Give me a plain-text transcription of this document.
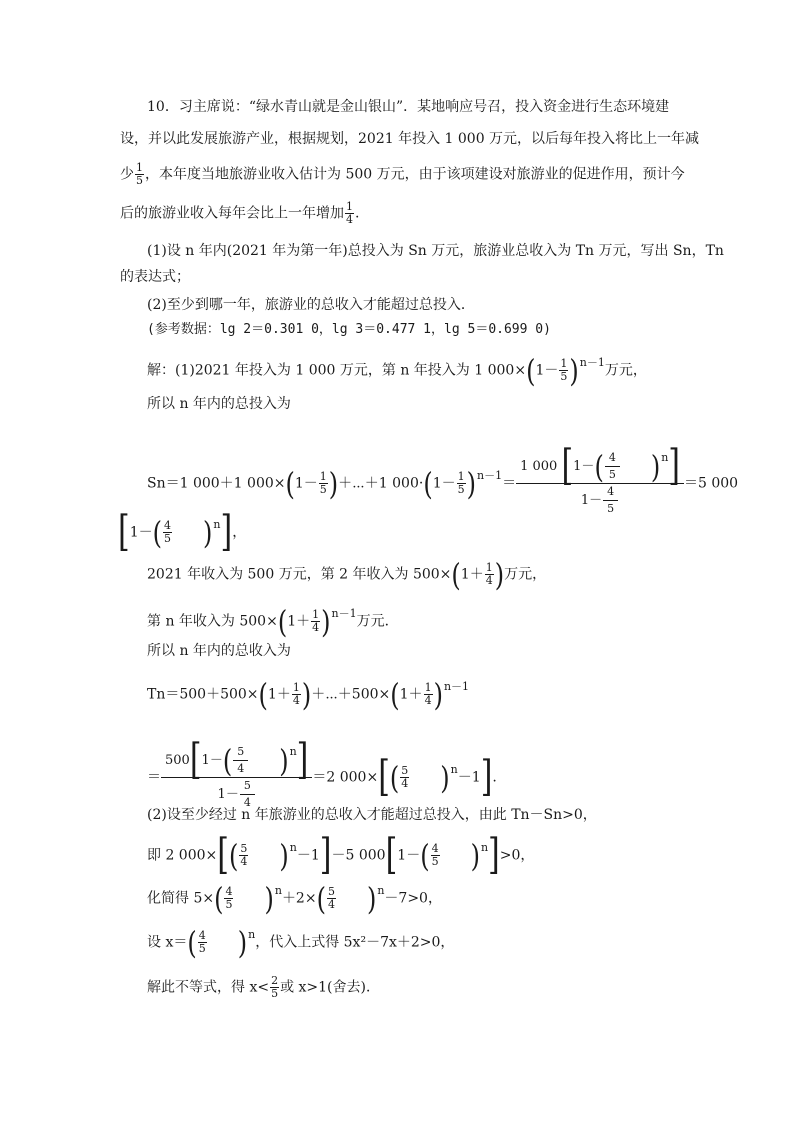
10．习主席说：“绿水青山就是金山银山”．某地响应号召，投入资金进行生态环境建
设，并以此发展旅游产业，根据规划，2021 年投入 1 000 万元，以后每年投入将比上一年减
少 $\frac{1}{5}$ ，本年度当地旅游业收入估计为 500 万元，由于该项建设对旅游业的促进作用，预计今
后的旅游业收入每年会比上一年增加 $\frac{1}{4}$ .
(1)设 n 年内(2021 年为第一年)总投入为 Sn 万元，旅游业总收入为 Tn 万元，写出 Sn，Tn
的表达式；
(2)至少到哪一年，旅游业的总收入才能超过总投入．
(参考数据：lg 2＝0.301 0，lg 3＝0.477 1，lg 5＝0.699 0)
解：(1)2021 年投入为 1 000 万元，第 n 年投入为 1 $000\times(1- \frac{1}{5} )^{n-1}$万元，
所以 n 年内的总投入为
Sn＝1 000＋1 $000\times(1- \frac{1}{5}$ )＋⋯＋1 $000\cdot(1- \frac{1}{5} )^{n-1}= \frac{1 000 [1-( \frac{4}{5} )^n]}{1- \frac{4}{5}} =5$ 000
$[1-( \frac{4}{5} )^n]$，
2021 年收入为 500 万元，第 2 年收入为 $500\times(1+ \frac{1}{4}$ )万元，
第 n 年收入为 $500\times(1+ \frac{1}{4} )^{n-1}$万元．
所以 n 年内的总收入为
$Tn=500+500\times(1+ \frac{1}{4}$ )＋⋯＋500×(1＋ $\frac{1}{4} )^{n-1}$
＝ $\frac{500[1-( \frac{5}{4} )^n]}{1- \frac{5}{4}} =2$ $000\times[( \frac{5}{4} )^n-1]$.
(2)设至少经过 n 年旅游业的总收入才能超过总投入，由此 Tn－Sn>0，
即 2 $000\times[( \frac{5}{4} )^n-1]-5$ $000[1-( \frac{4}{5} )^n]>0$，
化简得 $5\times( \frac{4}{5} )^n+2\times( \frac{5}{4} )^n-7>0$，
设 $x=( \frac{4}{5} )^n$，代入上式得 5x²－7x＋2>0，
解此不等式，得 $x< \frac{2}{5}$ 或 x>1(舍去)．
